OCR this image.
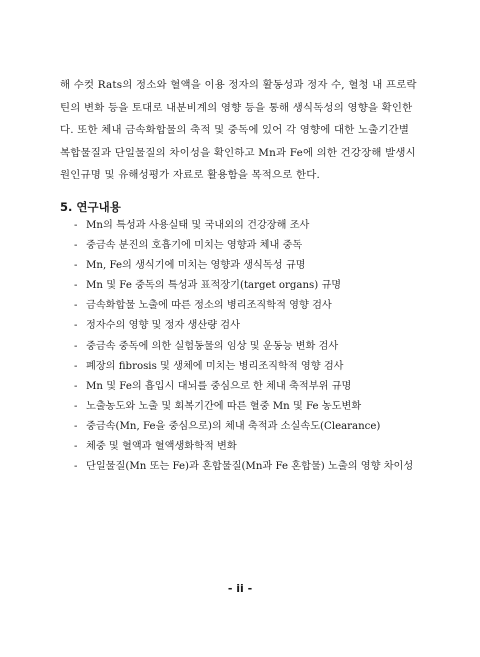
해 수컷 Rats의 정소와 혈액을 이용 정자의 활동성과 정자 수, 혈청 내 프로락
틴의 변화 등을 토대로 내분비계의 영향 등을 통해 생식독성의 영향을 확인한
다. 또한 체내 금속화합물의 축적 및 중독에 있어 각 영향에 대한 노출기간별
복합물질과 단일물질의 차이성을 확인하고 Mn과 Fe에 의한 건강장해 발생시
원인규명 및 유해성평가 자료로 활용함을 목적으로 한다.
5. 연구내용
- Mn의 특성과 사용실태 및 국내외의 건강장해 조사
- 중금속 분진의 호흡기에 미치는 영향과 체내 중독
- Mn, Fe의 생식기에 미치는 영향과 생식독성 규명
- Mn 및 Fe 중독의 특성과 표적장기(target organs) 규명
- 금속화합물 노출에 따른 정소의 병리조직학적 영향 검사
- 정자수의 영향 및 정자 생산량 검사
- 중금속 중독에 의한 실험동물의 임상 및 운동능 변화 검사
- 폐장의 fibrosis 및 생체에 미치는 병리조직학적 영향 검사
- Mn 및 Fe의 흡입시 대뇌를 중심으로 한 체내 축적부위 규명
- 노출농도와 노출 및 회복기간에 따른 혈중 Mn 및 Fe 농도변화
- 중금속(Mn, Fe을 중심으로)의 체내 축적과 소실속도(Clearance)
- 체중 및 혈액과 혈액생화학적 변화
- 단일물질(Mn 또는 Fe)과 혼합물질(Mn과 Fe 혼합물) 노출의 영향 차이성
- ii -
